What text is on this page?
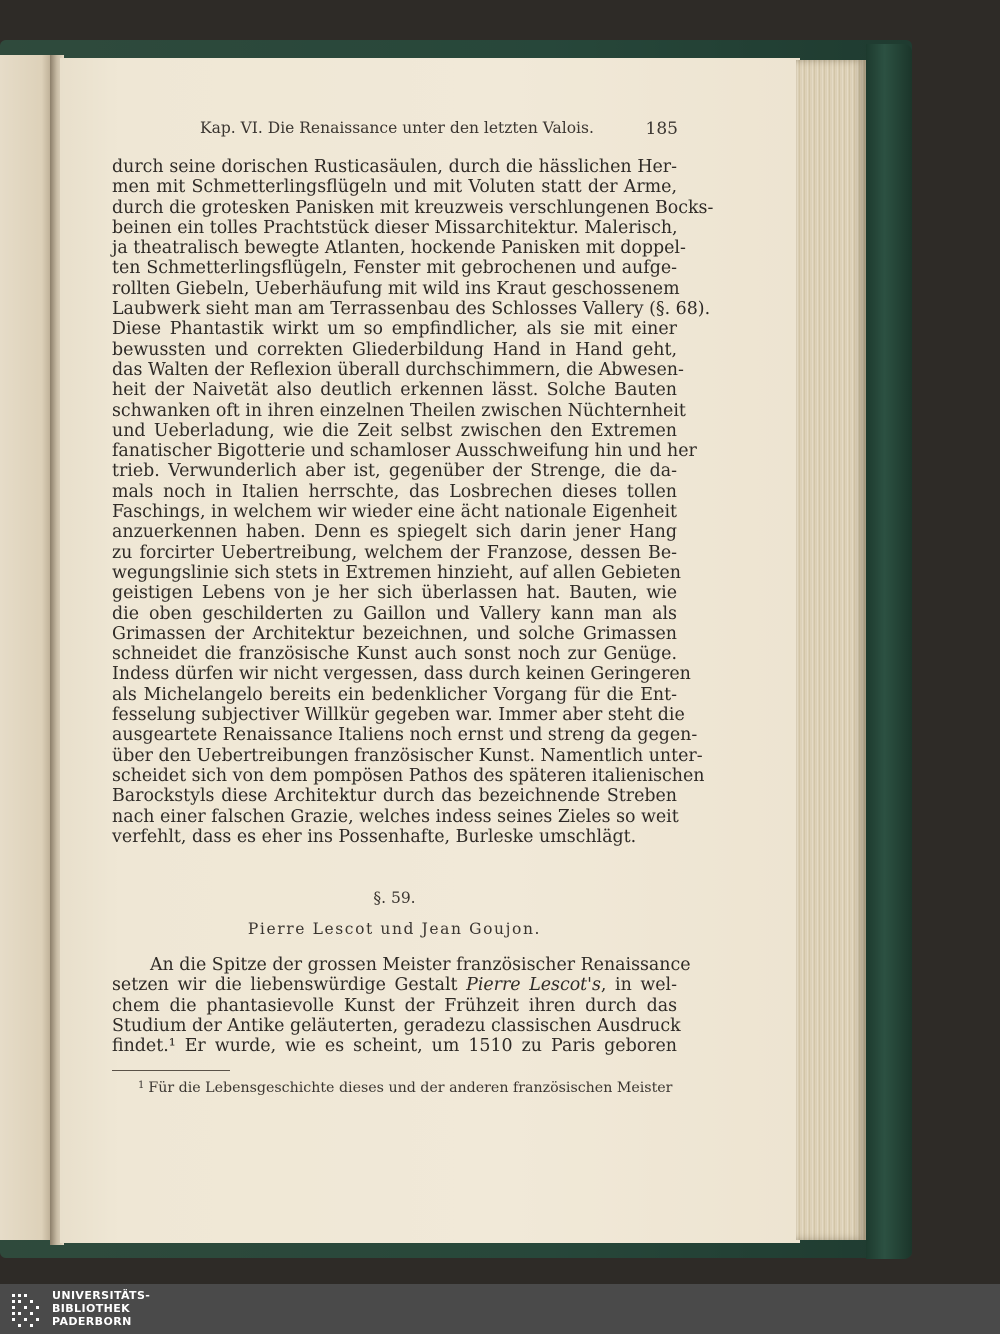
Kap. VI. Die Renaissance unter den letzten Valois.	185
durch seine dorischen Rusticasäulen, durch die hässlichen Her-
men mit Schmetterlingsflügeln und mit Voluten statt der Arme,
durch die grotesken Panisken mit kreuzweis verschlungenen Bocks-
beinen ein tolles Prachtstück dieser Missarchitektur. Malerisch,
ja theatralisch bewegte Atlanten, hockende Panisken mit doppel-
ten Schmetterlingsflügeln, Fenster mit gebrochenen und aufge-
rollten Giebeln, Ueberhäufung mit wild ins Kraut geschossenem
Laubwerk sieht man am Terrassenbau des Schlosses Vallery (§. 68).
Diese Phantastik wirkt um so empfindlicher, als sie mit einer
bewussten und correkten Gliederbildung Hand in Hand geht,
das Walten der Reflexion überall durchschimmern, die Abwesen-
heit der Naivetät also deutlich erkennen lässt. Solche Bauten
schwanken oft in ihren einzelnen Theilen zwischen Nüchternheit
und Ueberladung, wie die Zeit selbst zwischen den Extremen
fanatischer Bigotterie und schamloser Ausschweifung hin und her
trieb. Verwunderlich aber ist, gegenüber der Strenge, die da-
mals noch in Italien herrschte, das Losbrechen dieses tollen
Faschings, in welchem wir wieder eine ächt nationale Eigenheit
anzuerkennen haben. Denn es spiegelt sich darin jener Hang
zu forcirter Uebertreibung, welchem der Franzose, dessen Be-
wegungslinie sich stets in Extremen hinzieht, auf allen Gebieten
geistigen Lebens von je her sich überlassen hat. Bauten, wie
die oben geschilderten zu Gaillon und Vallery kann man als
Grimassen der Architektur bezeichnen, und solche Grimassen
schneidet die französische Kunst auch sonst noch zur Genüge.
Indess dürfen wir nicht vergessen, dass durch keinen Geringeren
als Michelangelo bereits ein bedenklicher Vorgang für die Ent-
fesselung subjectiver Willkür gegeben war. Immer aber steht die
ausgeartete Renaissance Italiens noch ernst und streng da gegen-
über den Uebertreibungen französischer Kunst. Namentlich unter-
scheidet sich von dem pompösen Pathos des späteren italienischen
Barockstyls diese Architektur durch das bezeichnende Streben
nach einer falschen Grazie, welches indess seines Zieles so weit
verfehlt, dass es eher ins Possenhafte, Burleske umschlägt.
§. 59.
Pierre Lescot und Jean Goujon.
An die Spitze der grossen Meister französischer Renaissance
setzen wir die liebenswürdige Gestalt Pierre Lescot's, in wel-
chem die phantasievolle Kunst der Frühzeit ihren durch das
Studium der Antike geläuterten, geradezu classischen Ausdruck
findet.¹ Er wurde, wie es scheint, um 1510 zu Paris geboren
$^1$ Für die Lebensgeschichte dieses und der anderen französischen Meister
UNIVERSITÄTS-
BIBLIOTHEK
PADERBORN
